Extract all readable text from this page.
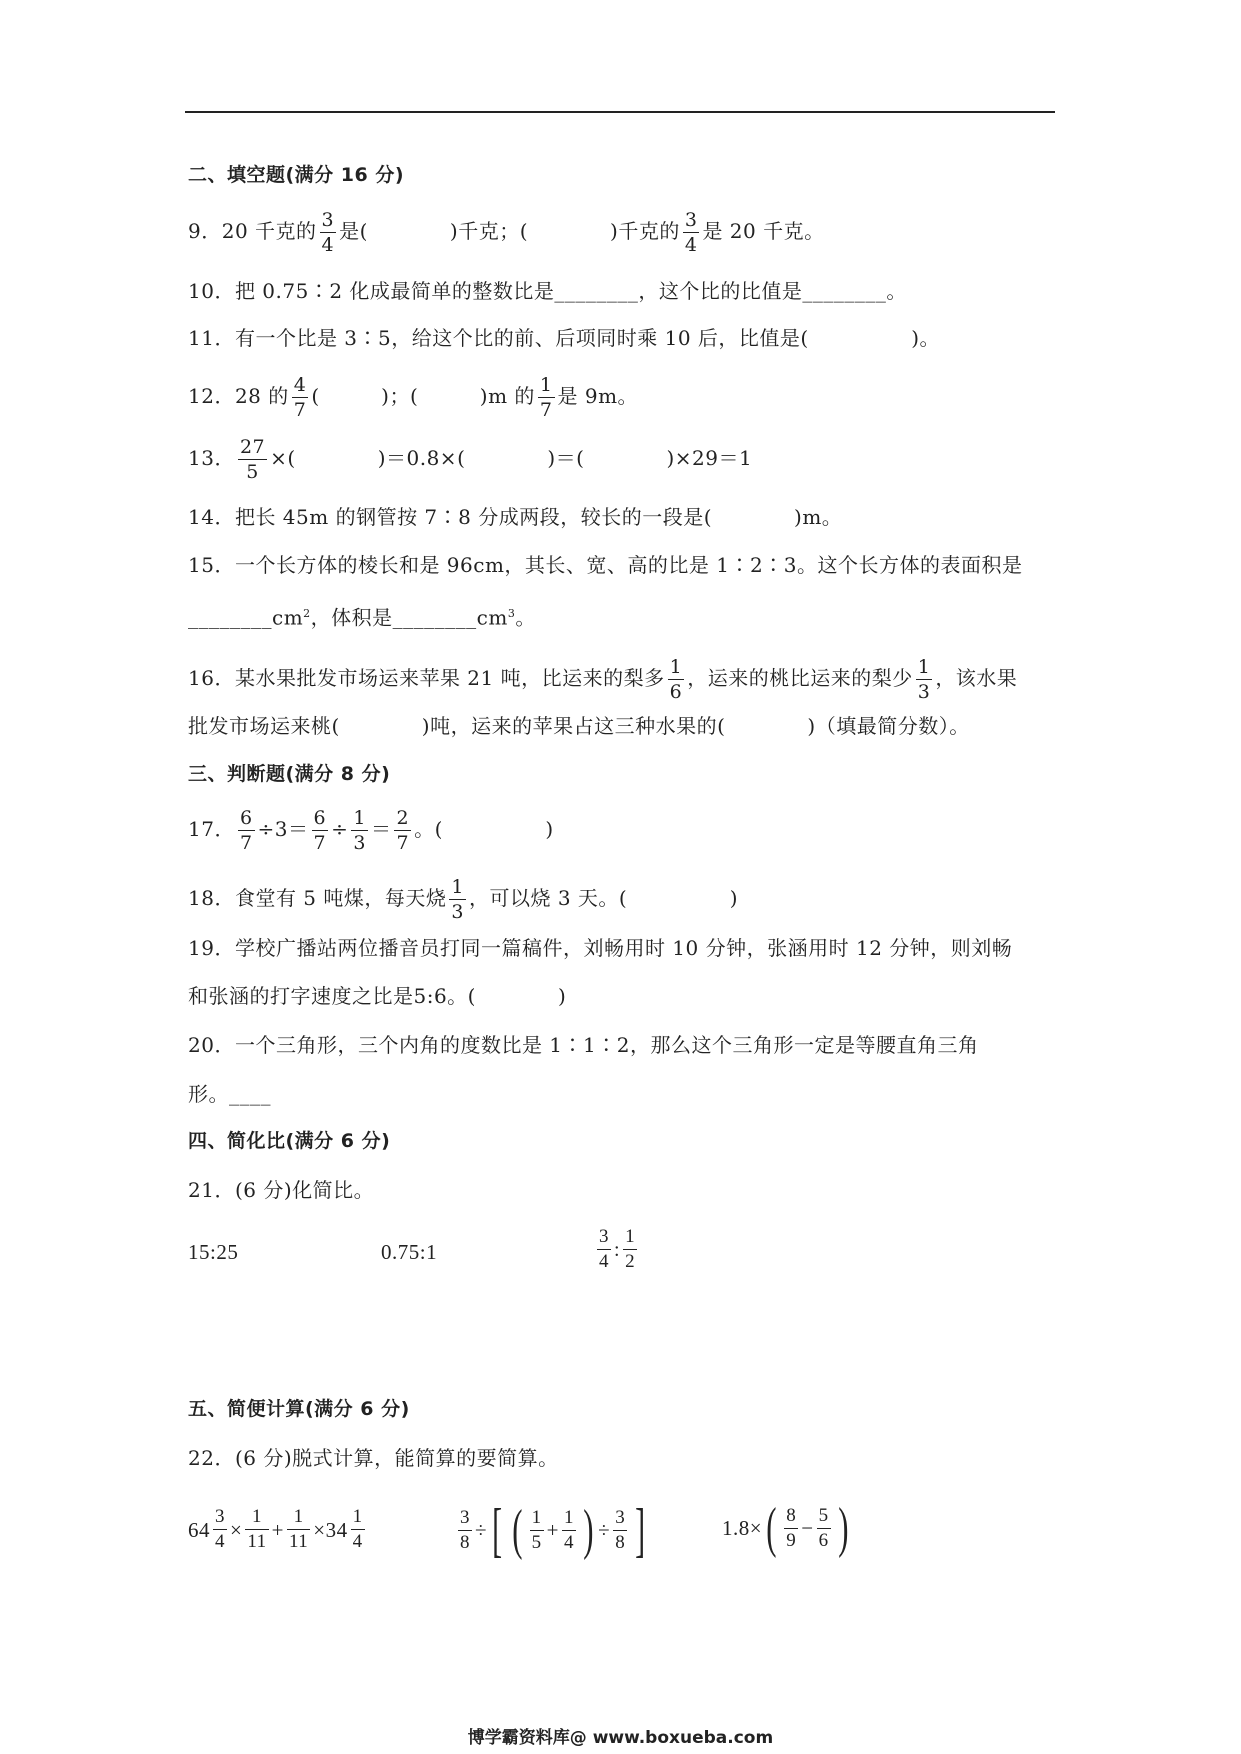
二、填空题(满分 16 分)
9．20 千克的 $\frac{3}{4}$ 是(　　　　)千克；(　　　　)千克的 $\frac{3}{4}$ 是 20 千克。
10．把 0.75∶2 化成最简单的整数比是________，这个比的比值是________。
11．有一个比是 3∶5，给这个比的前、后项同时乘 10 后，比值是(　　　　　)。
12．28 的 $\frac{4}{7}$ (　　　)；(　　　)m 的 $\frac{1}{7}$ 是 9m。
13． $\frac{27}{5}$ ×(　　　　)＝0.8×(　　　　)＝(　　　　)×29＝1
14．把长 45m 的钢管按 7∶8 分成两段，较长的一段是(　　　　)m。
15．一个长方体的棱长和是 96cm，其长、宽、高的比是 1∶2∶3。这个长方体的表面积是
$\_\_\_\_\_\_\_\_cm^2$，体积是$\_\_\_\_\_\_\_\_cm^3$。
16．某水果批发市场运来苹果 21 吨，比运来的梨多 $\frac{1}{6}$ ，运来的桃比运来的梨少 $\frac{1}{3}$ ，该水果
批发市场运来桃(　　　　)吨，运来的苹果占这三种水果的(　　　　)（填最简分数）。
三、判断题(满分 8 分)
17． $\frac{6}{7} \div 3= \frac{6}{7} \div \frac{1}{3} = \frac{2}{7}$ 。(　　　　　)
18．食堂有 5 吨煤，每天烧 $\frac{1}{3}$ ，可以烧 3 天。(　　　　　)
19．学校广播站两位播音员打同一篇稿件，刘畅用时 10 分钟，张涵用时 12 分钟，则刘畅
和张涵的打字速度之比是5:6。(　　　　)
20．一个三角形，三个内角的度数比是 1∶1∶2，那么这个三角形一定是等腰直角三角
形。____
四、简化比(满分 6 分)
21．(6 分)化简比。
15:25	0.75:1	$\frac{3}{4}$ : $\frac{1}{2}$
五、简便计算(满分 6 分)
22．(6 分)脱式计算，能简算的要简算。
$64 \frac{3}{4} \times \frac{1}{11} + \frac{1}{11} \times 34 \frac{1}{4}$	$\frac{3}{8}$ ÷[ ( $\frac{1}{5} + \frac{1}{4}$ ) ÷ $\frac{3}{8}$ ]	$1.8\times( \frac{8}{9} - \frac{5}{6}$ )
博学霸资料库@ www.boxueba.com
